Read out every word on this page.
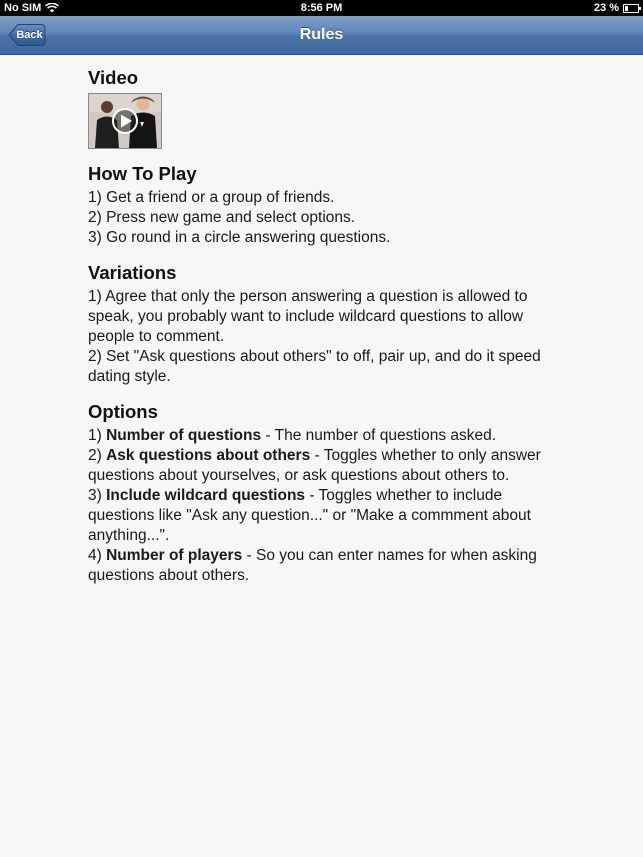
No SIM	8:56 PM	23 %
Back	Rules
Video
How To Play

1) Get a friend or a group of friends.

2) Press new game and select options.

3) Go round in a circle answering questions.

Variations

1) Agree that only the person answering a question is allowed to speak, you probably want to include wildcard questions to allow people to comment.

2) Set "Ask questions about others" to off, pair up, and do it speed dating style.

Options

1) Number of questions - The number of questions asked.

2) Ask questions about others - Toggles whether to only answer questions about yourselves, or ask questions about others to.

3) Include wildcard questions - Toggles whether to include questions like "Ask any question..." or "Make a commment about anything...".

4) Number of players - So you can enter names for when asking questions about others.
